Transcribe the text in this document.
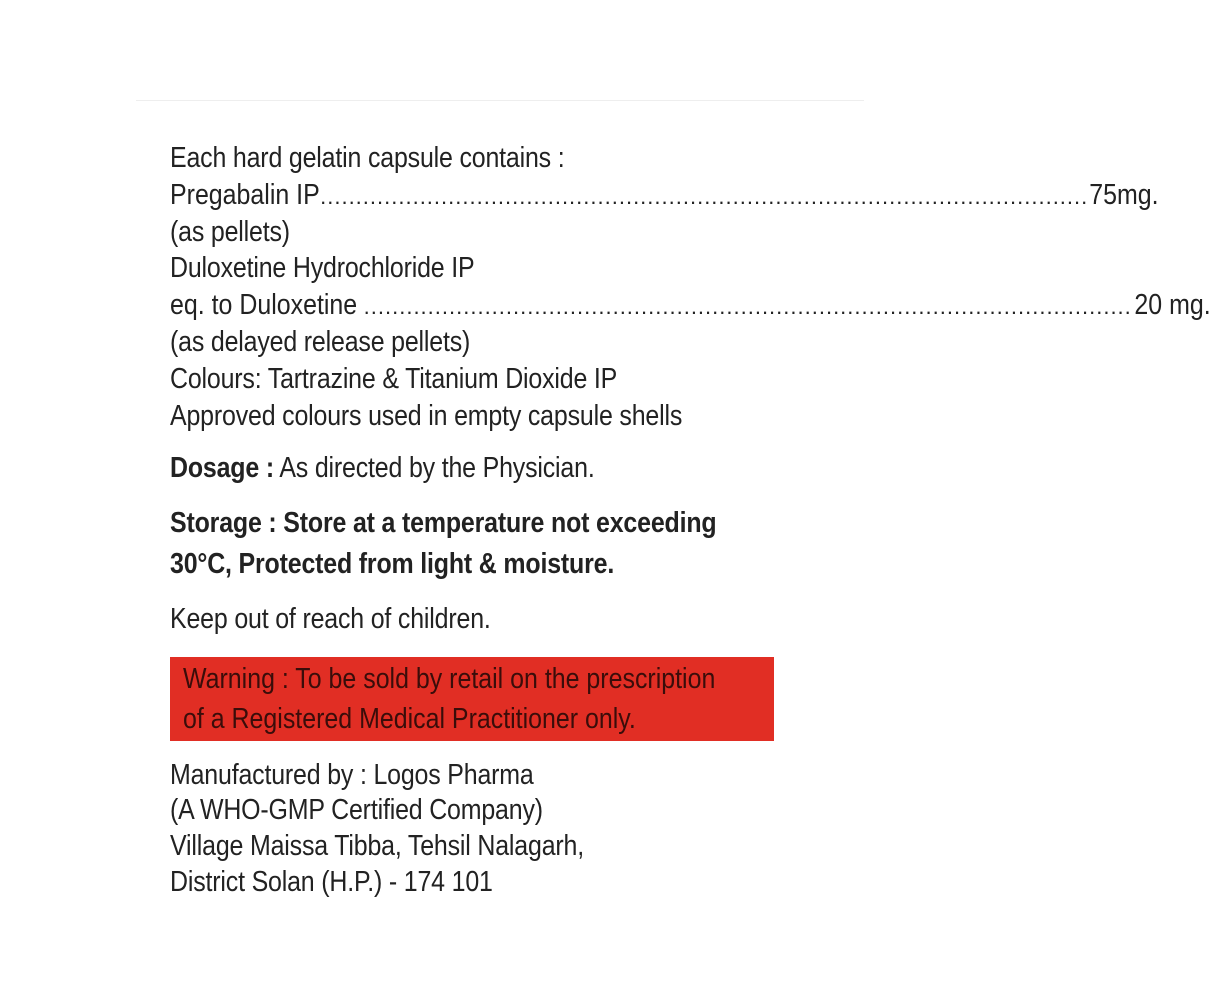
Each hard gelatin capsule contains :
Pregabalin IP ............................................................................................................ 75mg.
(as pellets)
Duloxetine Hydrochloride IP
eq. to Duloxetine ............................................................................................................ 20 mg.
(as delayed release pellets)
Colours: Tartrazine & Titanium Dioxide IP
Approved colours used in empty capsule shells
Dosage : As directed by the Physician.
Storage : Store at a temperature not exceeding
30°C, Protected from light & moisture.
Keep out of reach of children.
Warning : To be sold by retail on the prescription
of a Registered Medical Practitioner only.
Manufactured by : Logos Pharma
(A WHO-GMP Certified Company)
Village Maissa Tibba, Tehsil Nalagarh,
District Solan (H.P.) - 174 101
